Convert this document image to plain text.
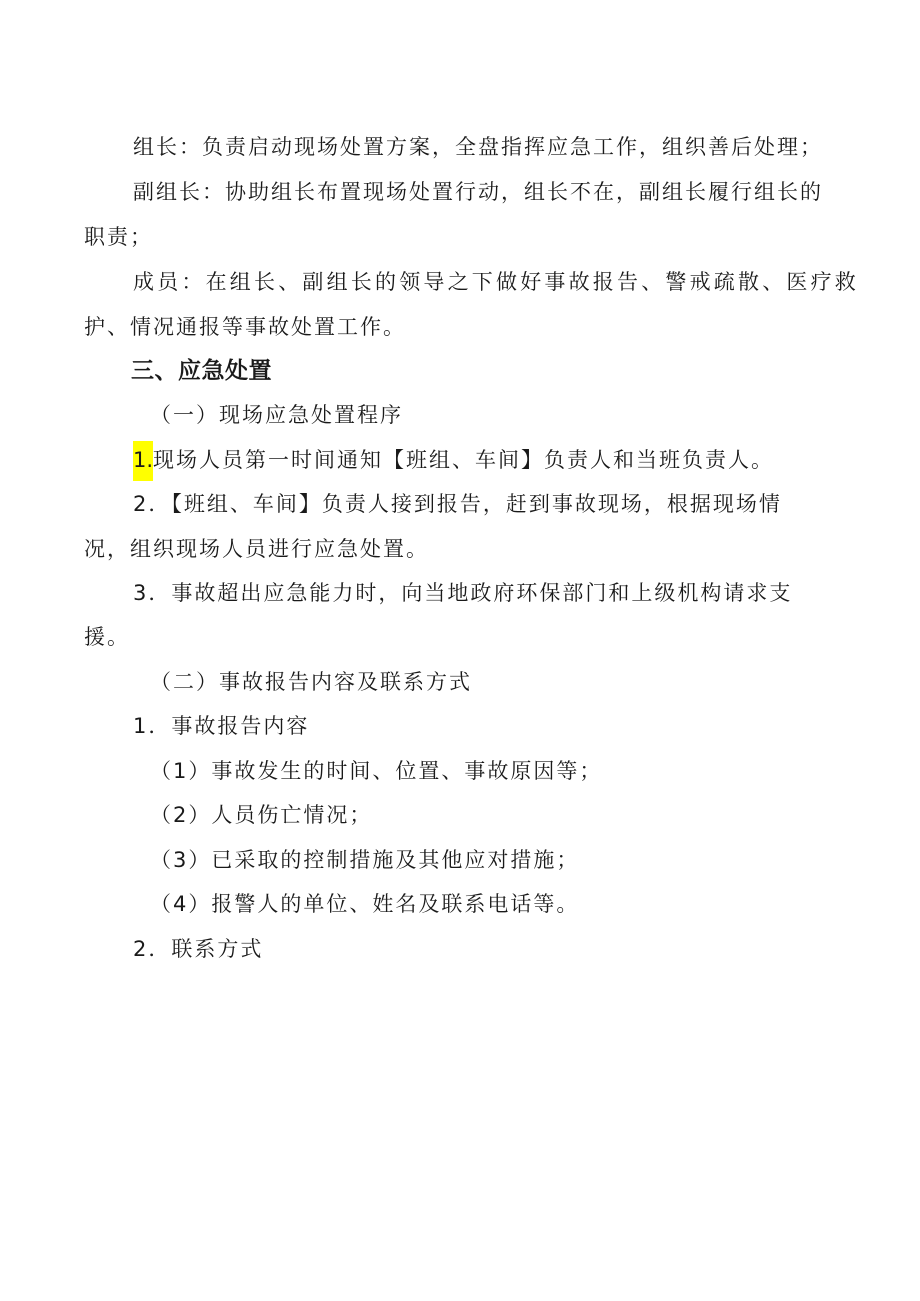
组长：负责启动现场处置方案，全盘指挥应急工作，组织善后处理；
副组长：协助组长布置现场处置行动，组长不在，副组长履行组长的
职责；
成员：在组长、副组长的领导之下做好事故报告、警戒疏散、医疗救
护、情况通报等事故处置工作。
三、应急处置
（一）现场应急处置程序
1.现场人员第一时间通知【班组、车间】负责人和当班负责人。
2．【班组、车间】负责人接到报告，赶到事故现场，根据现场情
况，组织现场人员进行应急处置。
3．事故超出应急能力时，向当地政府环保部门和上级机构请求支
援。
（二）事故报告内容及联系方式
1．事故报告内容
（1）事故发生的时间、位置、事故原因等；
（2）人员伤亡情况；
（3）已采取的控制措施及其他应对措施；
（4）报警人的单位、姓名及联系电话等。
2．联系方式
